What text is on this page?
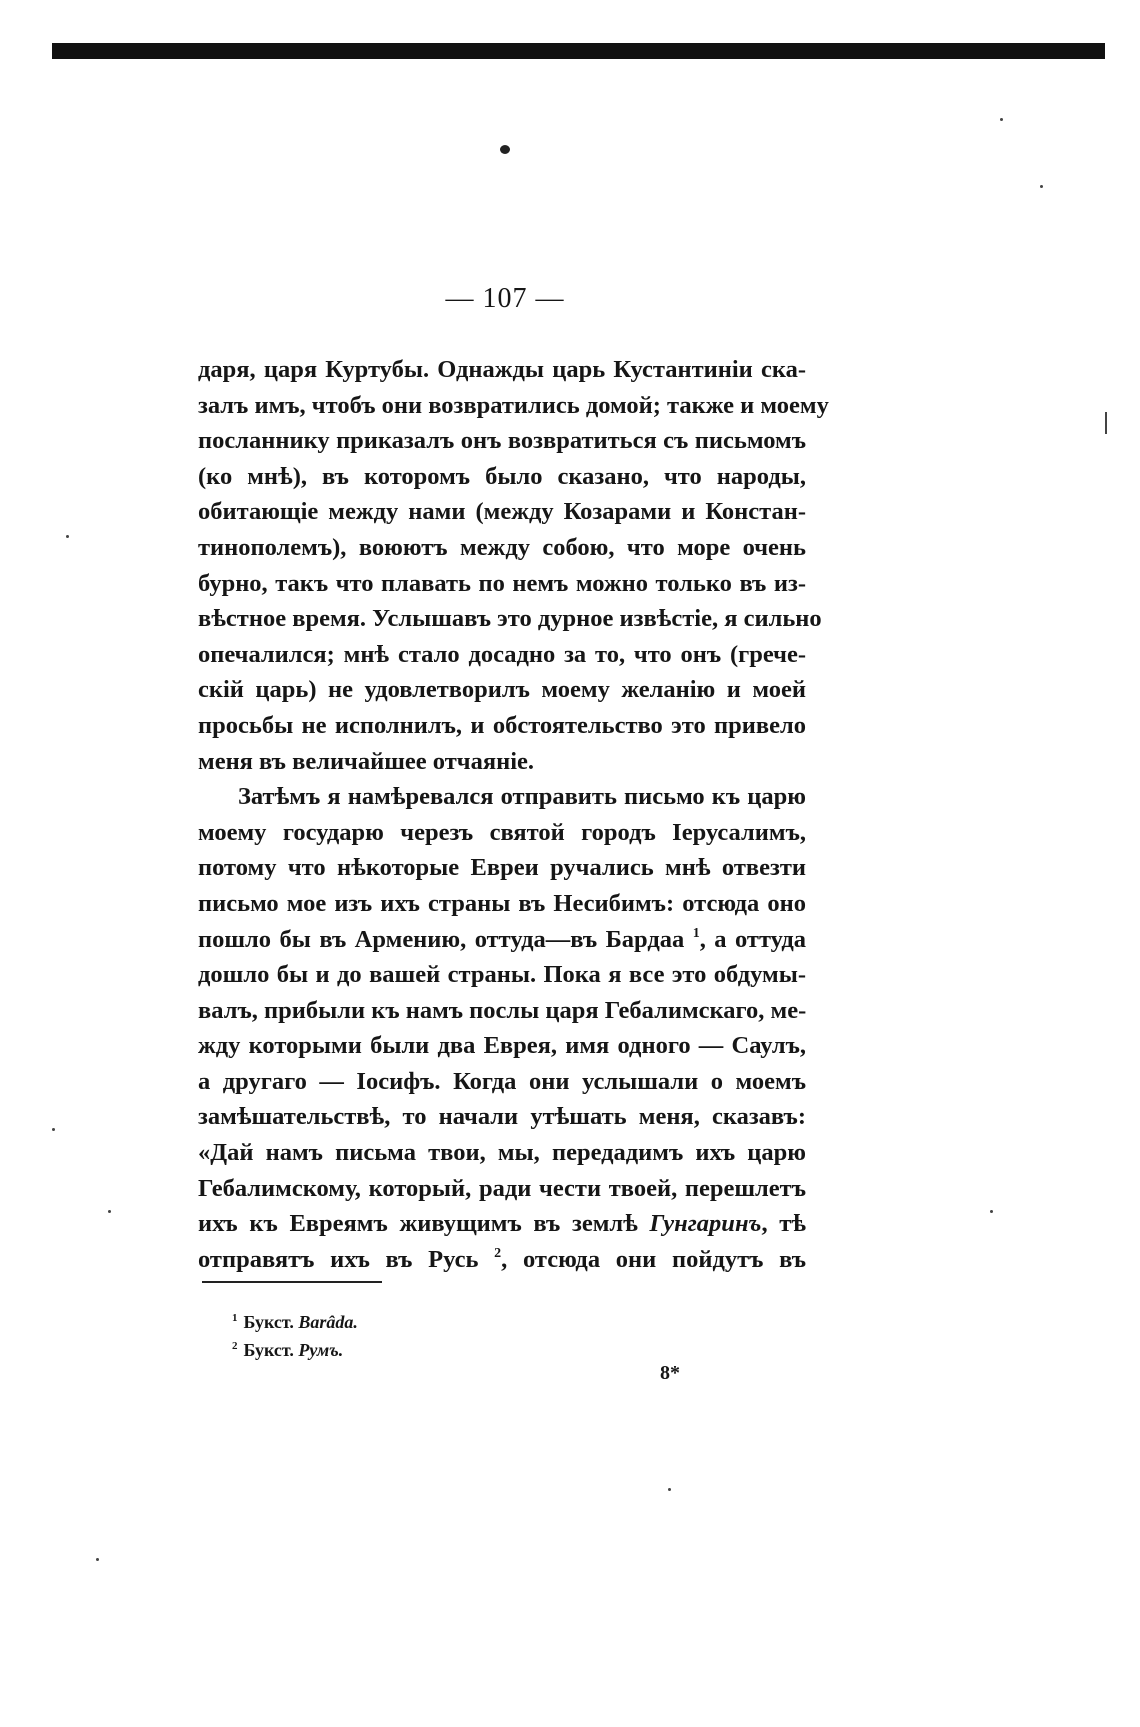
— 107 —
даря, царя Куртубы. Однажды царь Кустантиніи ска-
залъ имъ, чтобъ они возвратились домой; также и моему
посланнику приказалъ онъ возвратиться съ письмомъ
(ко мнѣ), въ которомъ было сказано, что народы,
обитающіе между нами (между Козарами и Констан-
тинополемъ), воюютъ между собою, что море очень
бурно, такъ что плавать по немъ можно только въ из-
вѣстное время. Услышавъ это дурное извѣстіе, я сильно
опечалился; мнѣ стало досадно за то, что онъ (грече-
скій царь) не удовлетворилъ моему желанію и моей
просьбы не исполнилъ, и обстоятельство это привело
меня въ величайшее отчаяніе.
Затѣмъ я намѣревался отправить письмо къ царю
моему государю черезъ святой городъ Іерусалимъ,
потому что нѣкоторые Евреи ручались мнѣ отвезти
письмо мое изъ ихъ страны въ Несибимъ: отсюда оно
пошло бы въ Армению, оттуда—въ Бардаа $^1$, а оттуда
дошло бы и до вашей страны. Пока я все это обдумы-
валъ, прибыли къ намъ послы царя Гебалимскаго, ме-
жду которыми были два Еврея, имя одного — Саулъ,
а другаго — Іосифъ. Когда они услышали о моемъ
замѣшательствѣ, то начали утѣшать меня, сказавъ:
«Дай намъ письма твои, мы, передадимъ ихъ царю
Гебалимскому, который, ради чести твоей, перешлетъ
ихъ къ Евреямъ живущимъ въ землѣ Гунгаринъ, тѣ
отправятъ ихъ въ Русь $^2$, отсюда они пойдутъ въ
$^1$ Букст. Barâda.
$^2$ Букст. Румъ.
8*
